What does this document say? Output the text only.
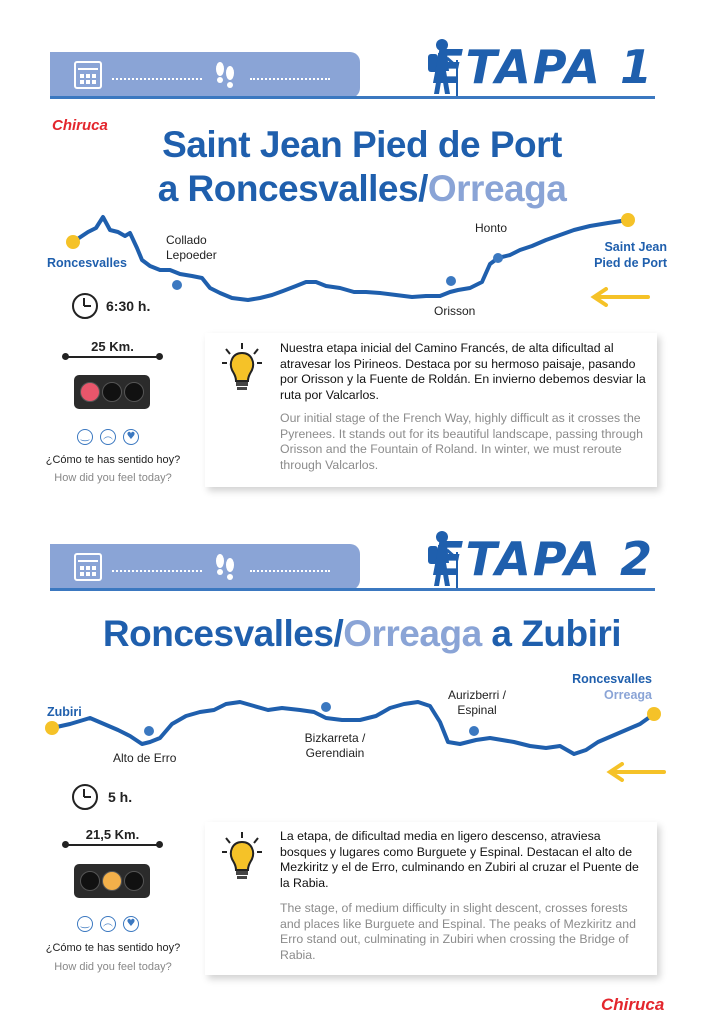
ETAPA 1
Chiruca	Saint Jean Pied de Port
a Roncesvalles/Orreaga
Roncesvalles
Collado
Lepoeder
Honto
Orisson
Saint Jean
Pied de Port
6:30 h.
25 Km.
‿	︵	♥
¿Cómo te has sentido hoy?
How did you feel today?
Nuestra etapa inicial del Camino Francés, de alta dificultad al atravesar los Pirineos. Destaca por su hermoso paisaje, pasando por Orisson y la Fuente de Roldán. En invierno debemos desviar la ruta por Valcarlos.
Our initial stage of the French Way, highly difficult as it crosses the Pyrenees. It stands out for its beautiful landscape, passing through Orisson and the Fountain of Roland. In winter, we must reroute through Valcarlos.
ETAPA 2
Roncesvalles/Orreaga a Zubiri
Zubiri
Alto de Erro
Bizkarreta /
Gerendiain
Aurizberri /
Espinal
Roncesvalles
Orreaga
5 h.
21,5 Km.
‿	︵	♥
¿Cómo te has sentido hoy?
How did you feel today?
La etapa, de dificultad media en ligero descenso, atraviesa bosques y lugares como Burguete y Espinal. Destacan el alto de Mezkiritz y el de Erro, culminando en Zubiri al cruzar el Puente de la Rabia.
The stage, of medium difficulty in slight descent, crosses forests and places like Burguete and Espinal. The peaks of Mezkiritz and Erro stand out, culminating in Zubiri when crossing the Bridge of Rabia.
Chiruca
